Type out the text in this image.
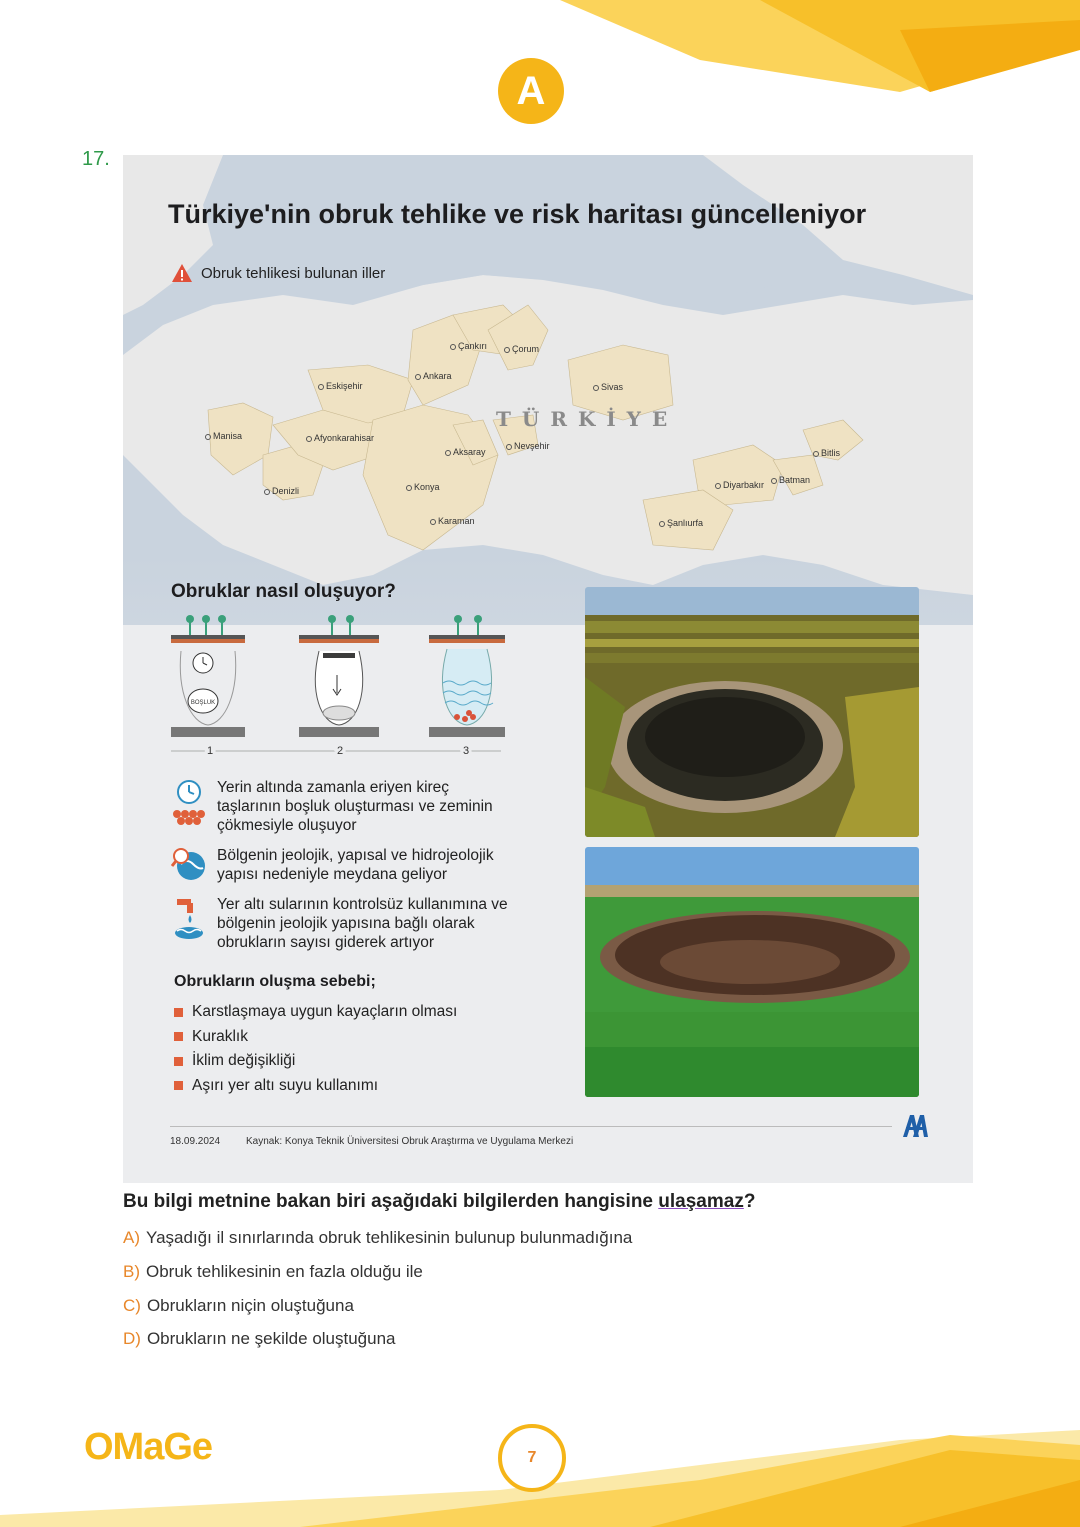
A
17.
Türkiye'nin obruk tehlike ve risk haritası güncelleniyor
Obruk tehlikesi bulunan iller
TÜRKİYE
Çankırı	Çorum
Ankara
Eskişehir	Sivas
Manisa	Afyonkarahisar
Aksaray
Nevşehir
Bitlis
Konya	Diyarbakır	Batman
Denizli
Karaman	Şanlıurfa
Obruklar nasıl oluşuyor?
BOŞLUK
1	2	3
Yerin altında zamanla eriyen kireç taşlarının boşluk oluşturması ve zeminin çökmesiyle oluşuyor
Bölgenin jeolojik, yapısal ve hidrojeolojik yapısı nedeniyle meydana geliyor
Yer altı sularının kontrolsüz kullanımına ve bölgenin jeolojik yapısına bağlı olarak obrukların sayısı giderek artıyor
Obrukların oluşma sebebi;
Karstlaşmaya uygun kayaçların olması
Kuraklık
İklim değişikliği
Aşırı yer altı suyu kullanımı
18.09.2024	Kaynak: Konya Teknik Üniversitesi Obruk Araştırma ve Uygulama Merkezi
Bu bilgi metnine bakan biri aşağıdaki bilgilerden hangisine ulaşamaz?
A) Yaşadığı il sınırlarında obruk tehlikesinin bulunup bulunmadığına
B) Obruk tehlikesinin en fazla olduğu ile
C) Obrukların niçin oluştuğuna
D) Obrukların ne şekilde oluştuğuna
OMaGe	7
